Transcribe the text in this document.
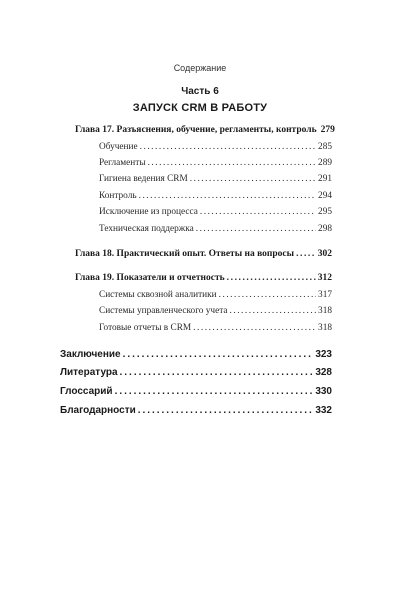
Содержание
Часть 6
ЗАПУСК CRM В РАБОТУ
Глава 17. Разъяснения, обучение, регламенты, контроль 279
Обучение . . .	285
Регламенты . . .	289
Гигиена ведения CRM . . .	291
Контроль . . .	294
Исключение из процесса . . .	295
Техническая поддержка . . .	298
Глава 18. Практический опыт. Ответы на вопросы . . . 302
Глава 19. Показатели и отчетность . . .	312
Системы сквозной аналитики . . .	317
Системы управленческого учета . . .	318
Готовые отчеты в CRM . . .	318
Заключение . . .	323
Литература . . .	328
Глоссарий . . .	330
Благодарности . . .	332
